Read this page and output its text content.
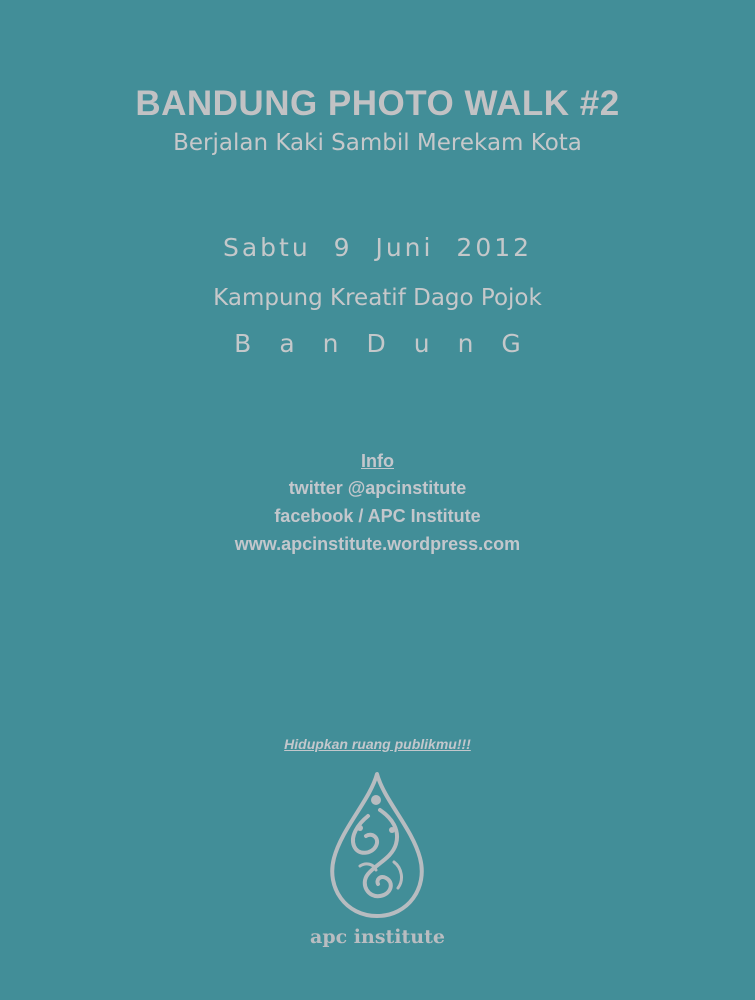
BANDUNG PHOTO WALK #2
Berjalan Kaki Sambil Merekam Kota
Sabtu 9 Juni 2012
Kampung Kreatif Dago Pojok
BanDunG
Info
twitter @apcinstitute
facebook / APC Institute
www.apcinstitute.wordpress.com
Hidupkan ruang publikmu!!!
apc institute
